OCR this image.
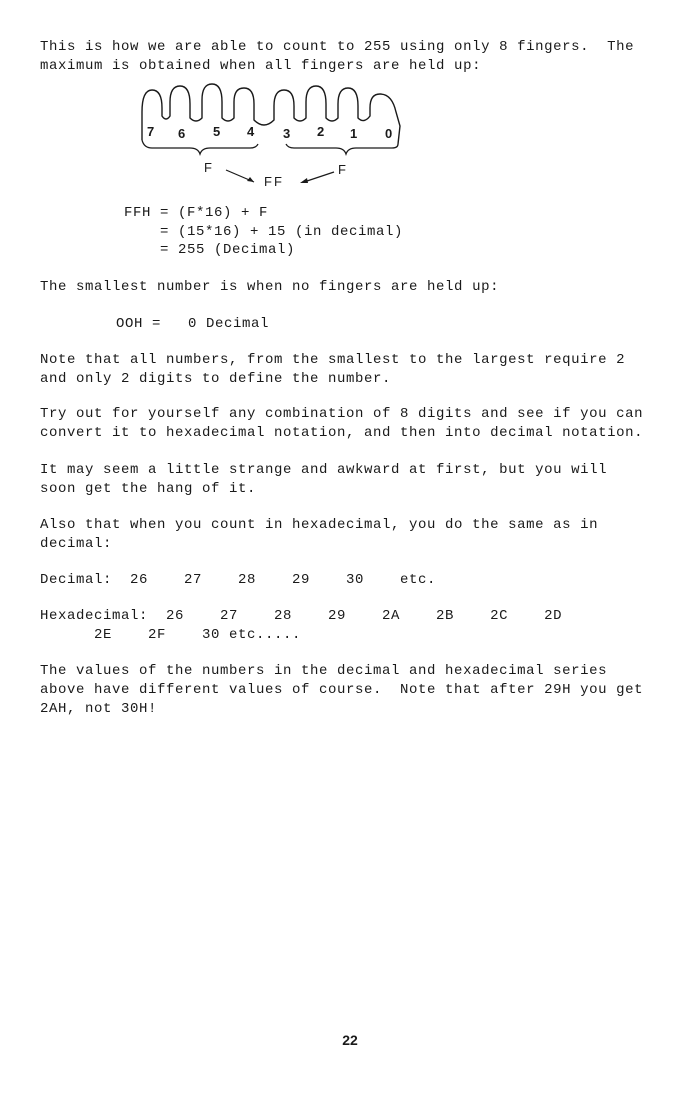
This is how we are able to count to 255 using only 8 fingers.  The
maximum is obtained when all fingers are held up:
7 6 5 4 3 2 1 0
F	F
FF
FFH = (F*16) + F
= (15*16) + 15 (in decimal)
= 255 (Decimal)
The smallest number is when no fingers are held up:
OOH =   0 Decimal
Note that all numbers, from the smallest to the largest require 2
and only 2 digits to define the number.
Try out for yourself any combination of 8 digits and see if you can
convert it to hexadecimal notation, and then into decimal notation.
It may seem a little strange and awkward at first, but you will
soon get the hang of it.
Also that when you count in hexadecimal, you do the same as in
decimal:
Decimal:  26    27    28    29    30    etc.
Hexadecimal:  26    27    28    29    2A    2B    2C    2D
2E    2F    30 etc.....
The values of the numbers in the decimal and hexadecimal series
above have different values of course.  Note that after 29H you get
2AH, not 30H!
22
